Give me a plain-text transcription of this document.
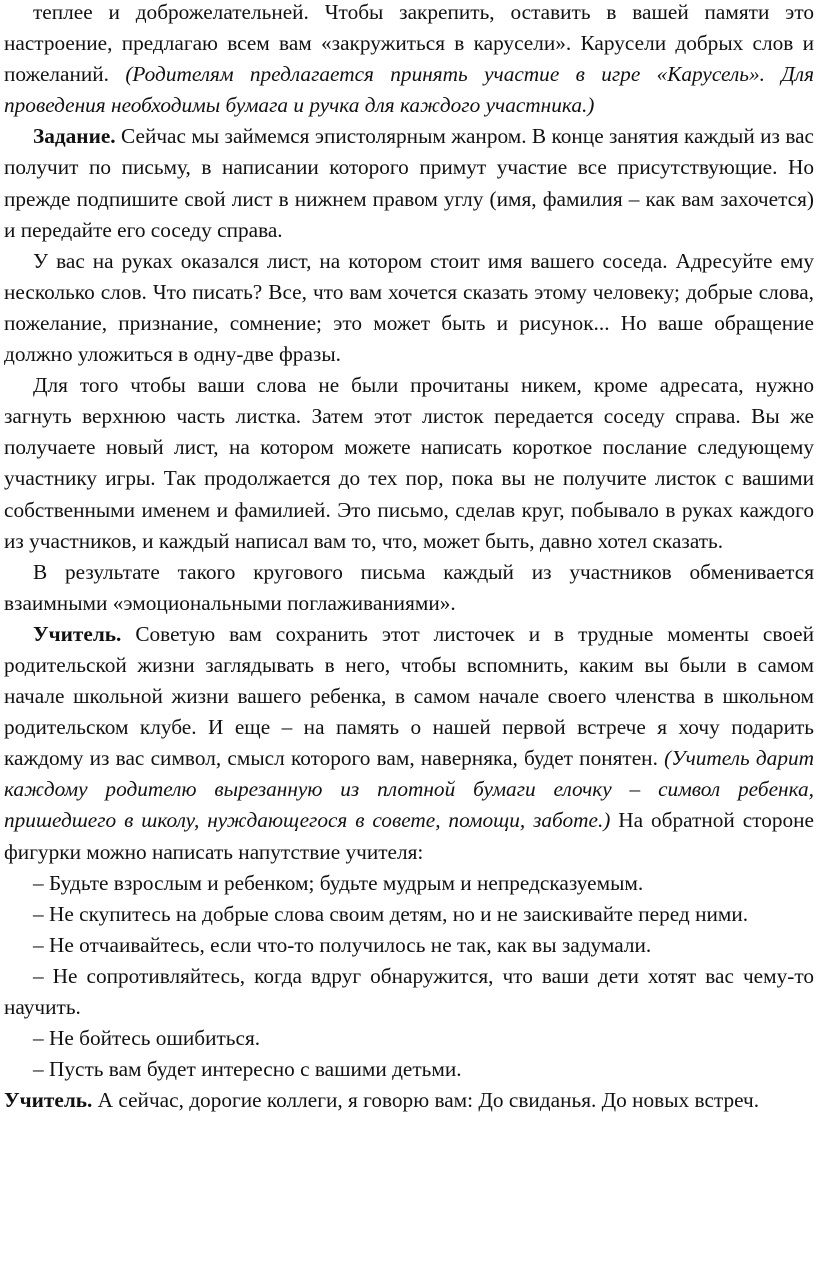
теплее и доброжелательней. Чтобы закрепить, оставить в вашей памяти это настроение, предлагаю всем вам «закружиться в карусели». Карусели добрых слов и пожеланий. (Родителям предлагается принять участие в игре «Карусель». Для проведения необходимы бумага и ручка для каждого участника.)

Задание. Сейчас мы займемся эпистолярным жанром. В конце занятия каждый из вас получит по письму, в написании которого примут участие все присутствующие. Но прежде подпишите свой лист в нижнем правом углу (имя, фамилия – как вам захочется) и передайте его соседу справа.

У вас на руках оказался лист, на котором стоит имя вашего соседа. Адресуйте ему несколько слов. Что писать? Все, что вам хочется сказать этому человеку; добрые слова, пожелание, признание, сомнение; это может быть и рисунок... Но ваше обращение должно уложиться в одну-две фразы.

Для того чтобы ваши слова не были прочитаны никем, кроме адресата, нужно загнуть верхнюю часть листка. Затем этот листок передается соседу справа. Вы же получаете новый лист, на котором можете написать короткое послание следующему участнику игры. Так продолжается до тех пор, пока вы не получите листок с вашими собственными именем и фамилией. Это письмо, сделав круг, побывало в руках каждого из участников, и каждый написал вам то, что, может быть, давно хотел сказать.

В результате такого кругового письма каждый из участников обменивается взаимными «эмоциональными поглаживаниями».

Учитель. Советую вам сохранить этот листочек и в трудные моменты своей родительской жизни заглядывать в него, чтобы вспомнить, каким вы были в самом начале школьной жизни вашего ребенка, в самом начале своего членства в школьном родительском клубе. И еще – на память о нашей первой встрече я хочу подарить каждому из вас символ, смысл которого вам, наверняка, будет понятен. (Учитель дарит каждому родителю вырезанную из плотной бумаги елочку – символ ребенка, пришедшего в школу, нуждающегося в совете, помощи, заботе.) На обратной стороне фигурки можно написать напутствие учителя:

– Будьте взрослым и ребенком; будьте мудрым и непредсказуемым.

– Не скупитесь на добрые слова своим детям, но и не заискивайте перед ними.

– Не отчаивайтесь, если что-то получилось не так, как вы задумали.

– Не сопротивляйтесь, когда вдруг обнаружится, что ваши дети хотят вас чему-то научить.

– Не бойтесь ошибиться.

– Пусть вам будет интересно с вашими детьми.

Учитель. А сейчас, дорогие коллеги, я говорю вам: До свиданья. До новых встреч.
